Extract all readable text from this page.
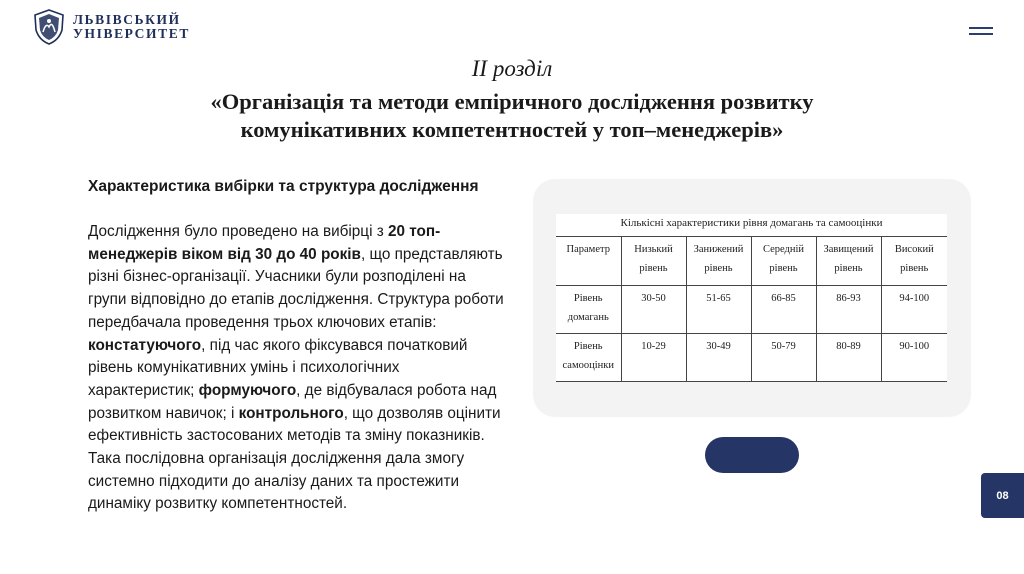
ЛЬВІВСЬКИЙ
УНІВЕРСИТЕТ
ІІ розділ
«Організація та методи емпіричного дослідження розвитку
комунікативних компетентностей у топ–менеджерів»
Характеристика вибірки та структура дослідження
Дослідження було проведено на вибірці з 20 топ-менеджерів віком від 30 до 40 років, що представляють різні бізнес-організації. Учасники були розподілені на групи відповідно до етапів дослідження. Структура роботи передбачала проведення трьох ключових етапів: констатуючого, під час якого фіксувався початковий рівень комунікативних умінь і психологічних характеристик; формуючого, де відбувалася робота над розвитком навичок; і контрольного, що дозволяв оцінити ефективність застосованих методів та зміну показників. Така послідовна організація дослідження дала змогу системно підходити до аналізу даних та простежити динаміку розвитку компетентностей.
Кількісні характеристики рівня домагань та самооцінки
Параметр	Низький рівень	Занижений рівень	Середній рівень	Завищений рівень	Високий рівень
Рівень домагань	30-50	51-65	66-85	86-93	94-100
Рівень самооцінки	10-29	30-49	50-79	80-89	90-100
08
